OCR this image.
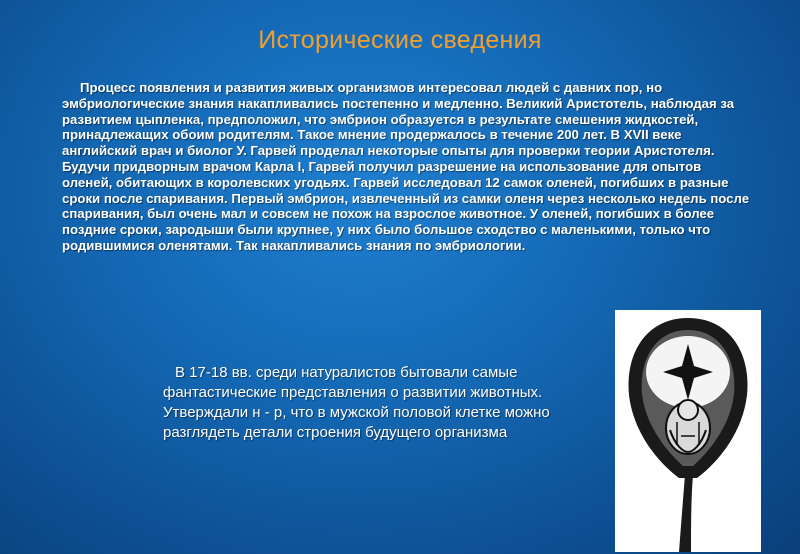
Исторические сведения
Процесс появления и развития живых организмов интересовал людей с давних пор, но эмбриологические знания накапливались постепенно и медленно. Великий Аристотель, наблюдая за развитием цыпленка, предположил, что эмбрион образуется в результате смешения жидкостей, принадлежащих обоим родителям. Такое мнение продержалось в течение 200 лет. В XVII веке английский врач и биолог У. Гарвей проделал некоторые опыты для проверки теории Аристотеля. Будучи придворным врачом Карла I, Гарвей получил разрешение на использование для опытов оленей, обитающих в королевских угодьях. Гарвей исследовал 12 самок оленей, погибших в разные сроки после спаривания. Первый эмбрион, извлеченный из самки оленя через несколько недель после спаривания, был очень мал и совсем не похож на взрослое животное. У оленей, погибших в более поздние сроки, зародыши были крупнее, у них было большое сходство с маленькими, только что родившимися оленятами. Так накапливались знания по эмбриологии.
В 17-18 вв. среди натуралистов бытовали самые фантастические представления о развитии животных. Утверждали н - р, что в мужской половой клетке можно разглядеть детали строения будущего организма
